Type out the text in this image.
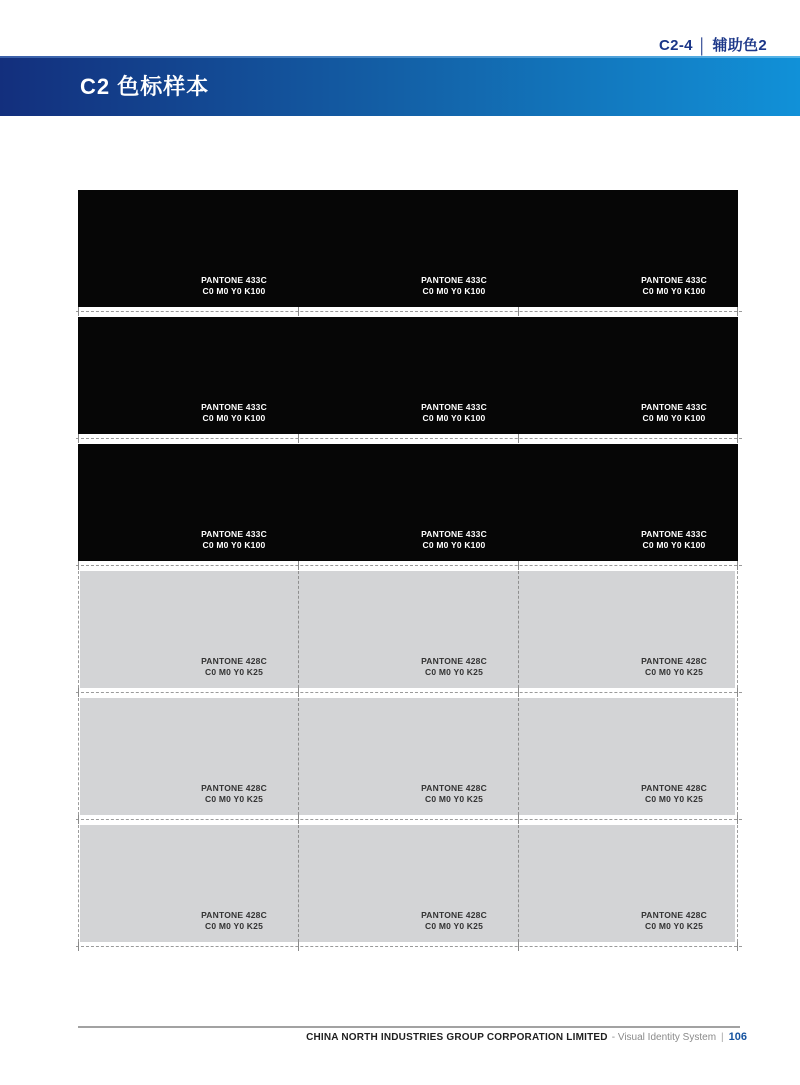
C2-4 │ 辅助色2
C2 色标样本
PANTONE 433C
C0 M0 Y0 K100
PANTONE 433C
C0 M0 Y0 K100
PANTONE 433C
C0 M0 Y0 K100
PANTONE 433C
C0 M0 Y0 K100
PANTONE 433C
C0 M0 Y0 K100
PANTONE 433C
C0 M0 Y0 K100
PANTONE 433C
C0 M0 Y0 K100
PANTONE 433C
C0 M0 Y0 K100
PANTONE 433C
C0 M0 Y0 K100
PANTONE 428C
C0 M0 Y0 K25
PANTONE 428C
C0 M0 Y0 K25
PANTONE 428C
C0 M0 Y0 K25
PANTONE 428C
C0 M0 Y0 K25
PANTONE 428C
C0 M0 Y0 K25
PANTONE 428C
C0 M0 Y0 K25
PANTONE 428C
C0 M0 Y0 K25
PANTONE 428C
C0 M0 Y0 K25
PANTONE 428C
C0 M0 Y0 K25
CHINA NORTH INDUSTRIES GROUP CORPORATION LIMITED - Visual Identity System | 106
